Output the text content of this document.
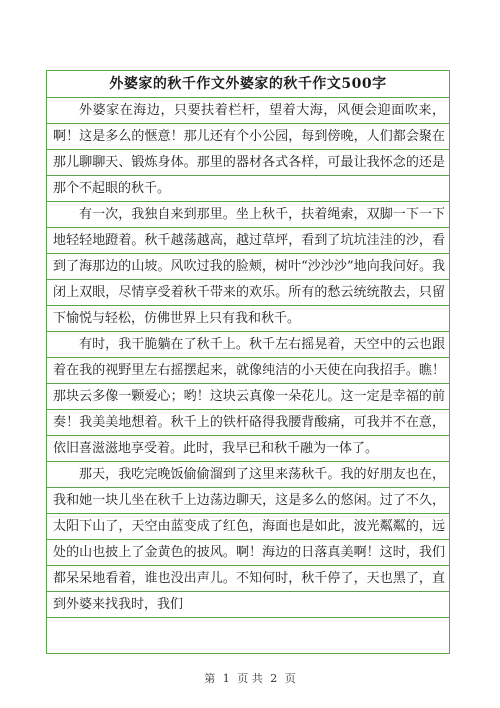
外婆家的秋千作文外婆家的秋千作文500字

外婆家在海边，只要扶着栏杆，望着大海，风便会迎面吹来，啊！这是多么的惬意！那儿还有个小公园，每到傍晚，人们都会聚在那儿聊聊天、锻炼身体。那里的器材各式各样，可最让我怀念的还是那个不起眼的秋千。

有一次，我独自来到那里。坐上秋千，扶着绳索，双脚一下一下地轻轻地蹬着。秋千越荡越高，越过草坪，看到了坑坑洼洼的沙，看到了海那边的山坡。风吹过我的脸颊，树叶“沙沙沙”地向我问好。我闭上双眼，尽情享受着秋千带来的欢乐。所有的愁云统统散去，只留下愉悦与轻松，仿佛世界上只有我和秋千。

有时，我干脆躺在了秋千上。秋千左右摇晃着，天空中的云也跟着在我的视野里左右摇摆起来，就像纯洁的小天使在向我招手。瞧！那块云多像一颗爱心；哟！这块云真像一朵花儿。这一定是幸福的前奏！我美美地想着。秋千上的铁杆硌得我腰背酸痛，可我并不在意，依旧喜滋滋地享受着。此时，我早已和秋千融为一体了。

那天，我吃完晚饭偷偷溜到了这里来荡秋千。我的好朋友也在，我和她一块儿坐在秋千上边荡边聊天，这是多么的悠闲。过了不久，太阳下山了，天空由蓝变成了红色，海面也是如此，波光粼粼的，远处的山也披上了金黄色的披风。啊！海边的日落真美啊！这时，我们都呆呆地看着，谁也没出声儿。不知何时，秋千停了，天也黑了，直到外婆来找我时，我们

第 1 页 共 2 页
